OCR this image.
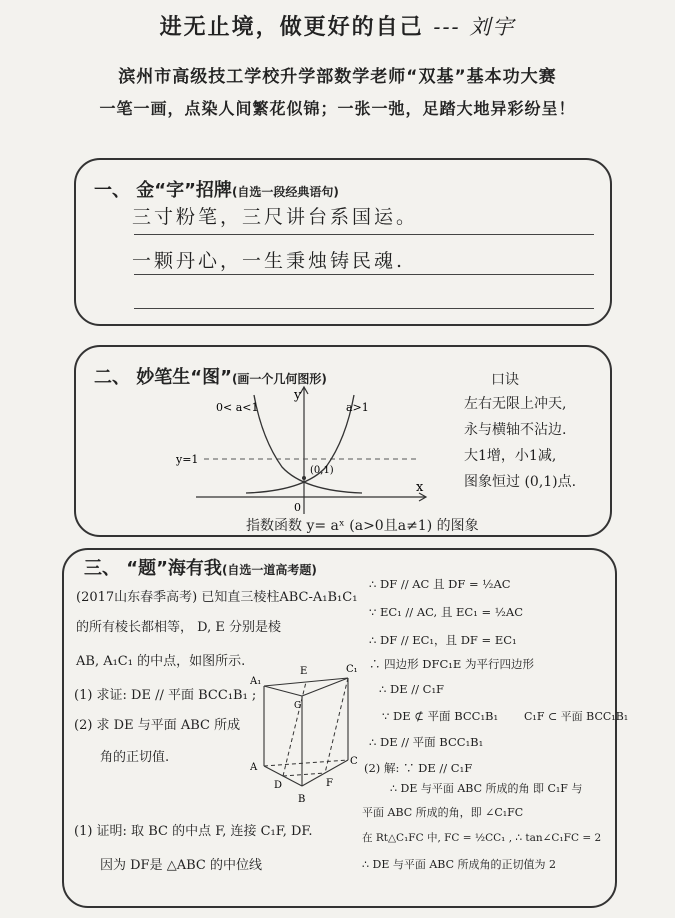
进无止境，做更好的自己 --- 刘宇
滨州市高级技工学校升学部数学老师“双基”基本功大赛
一笔一画，点染人间繁花似锦；一张一弛，足踏大地异彩纷呈！
一、 金“字”招牌(自选一段经典语句)
三寸粉笔，三尺讲台系国运。
一颗丹心，一生秉烛铸民魂.
二、 妙笔生“图”(画一个几何图形)
y
x
0
0< a<1	a>1
y=1
(0,1)
指数函数 y= aˣ (a>0且a≠1) 的图象
口诀
左右无限上冲天,
永与横轴不沾边.
大1增，小1减,
图象恒过 (0,1)点.
三、 “题”海有我(自选一道高考题)
(2017山东春季高考) 已知直三棱柱ABC-A₁B₁C₁
的所有棱长都相等， D, E 分别是棱
AB, A₁C₁ 的中点，如图所示.
(1) 求证: DE // 平面 BCC₁B₁ ;
(2) 求 DE 与平面 ABC 所成
角的正切值.
A₁
E	C₁
G
A
C
D
B
F
(1) 证明: 取 BC 的中点 F, 连接 C₁F, DF.
因为 DF是 △ABC 的中位线
∴ DF // AC 且 DF = ½AC
∵ EC₁ // AC, 且 EC₁ = ½AC
∴ DF // EC₁，且 DF = EC₁
∴ 四边形 DFC₁E 为平行四边形
∴ DE // C₁F
∵ DE ⊄ 平面 BCC₁B₁ C₁F ⊂ 平面 BCC₁B₁
∴ DE // 平面 BCC₁B₁
(2) 解: ∵ DE // C₁F
∴ DE 与平面 ABC 所成的角 即 C₁F 与
平面 ABC 所成的角，即 ∠C₁FC
在 Rt△C₁FC 中, FC = ½CC₁ , ∴ tan∠C₁FC = 2
∴ DE 与平面 ABC 所成角的正切值为 2
